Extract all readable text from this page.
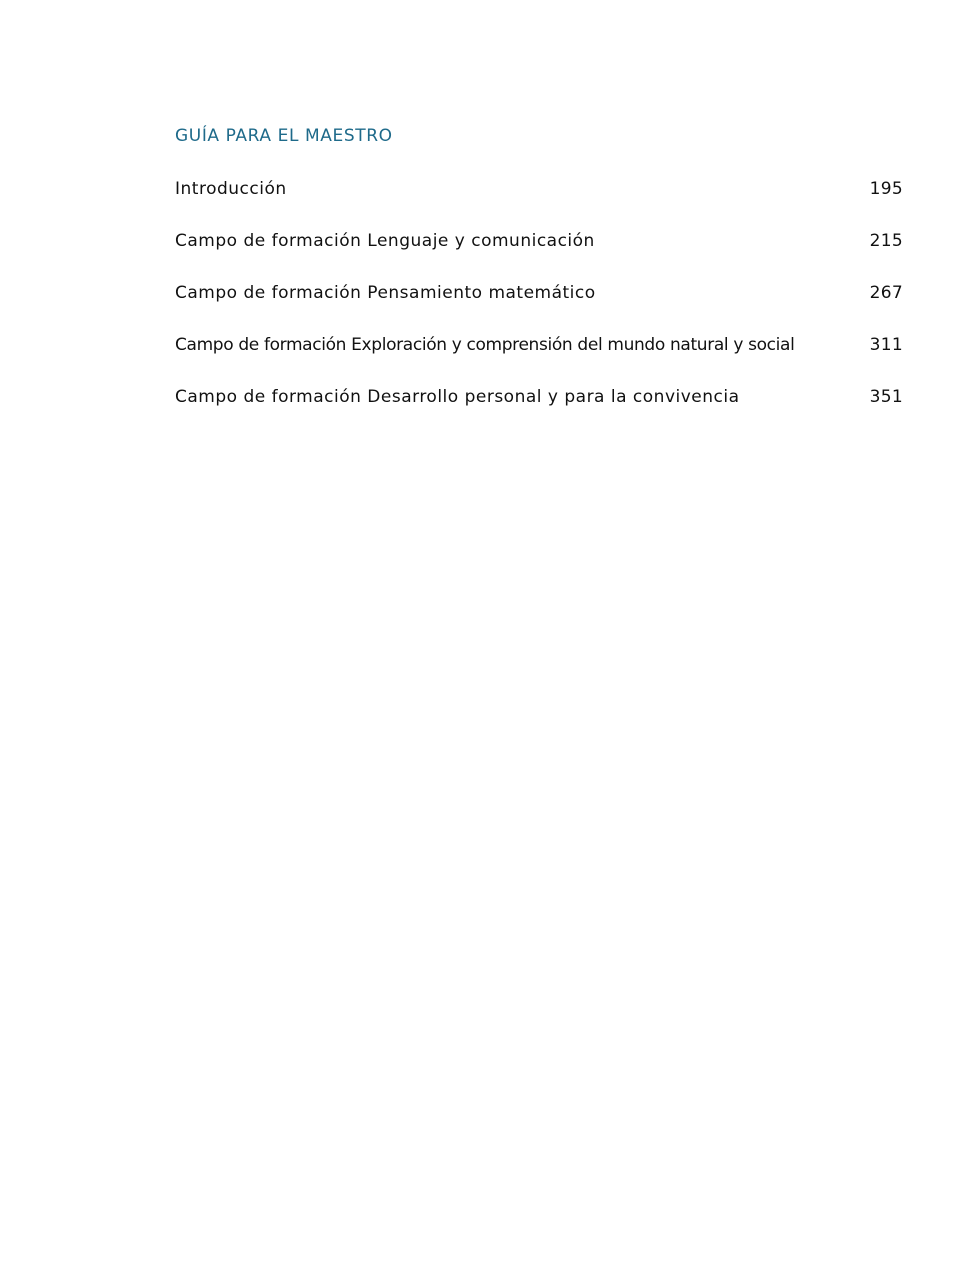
GUÍA PARA EL MAESTRO
Introducción	195
Campo de formación Lenguaje y comunicación	215
Campo de formación Pensamiento matemático	267
Campo de formación Exploración y comprensión del mundo natural y social	311
Campo de formación Desarrollo personal y para la convivencia	351
